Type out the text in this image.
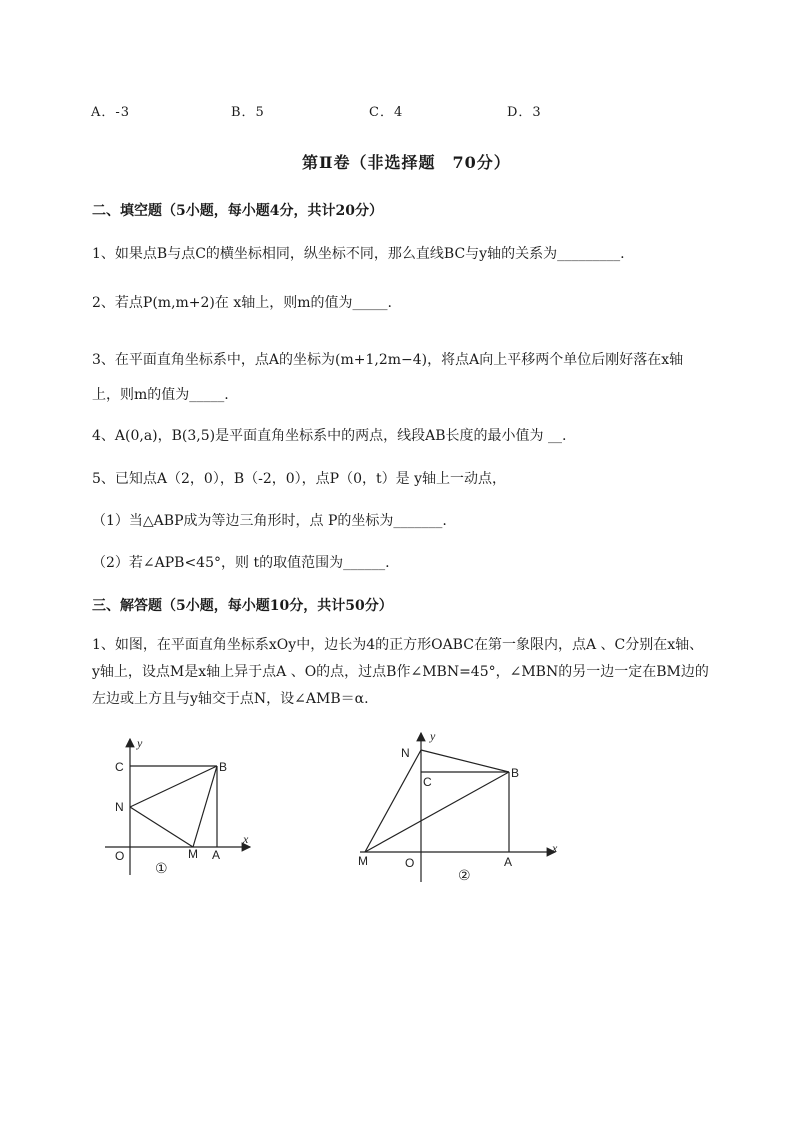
A．-3	B．5	C．4	D．3
第Ⅱ卷（非选择题　70分）
二、填空题（5小题，每小题4分，共计20分）
1、如果点B与点C的横坐标相同，纵坐标不同，那么直线BC与y轴的关系为_________.
2、若点P(m,m+2)在 x轴上，则m的值为_____.
3、在平面直角坐标系中，点A的坐标为(m+1,2m−4)，将点A向上平移两个单位后刚好落在x轴
上，则m的值为_____.
4、A(0,a)，B(3,5)是平面直角坐标系中的两点，线段AB长度的最小值为 __.
5、已知点A（2，0），B（-2，0），点P（0，t）是 y轴上一动点，
（1）当△ABP成为等边三角形时，点 P的坐标为_______.
（2）若∠APB<45°，则 t的取值范围为______.
三、解答题（5小题，每小题10分，共计50分）
1、如图，在平面直角坐标系xOy中，边长为4的正方形OABC在第一象限内，点A 、C分别在x轴、
y轴上，设点M是x轴上异于点A 、O的点，过点B作∠MBN=45°，∠MBN的另一边一定在BM边的
左边或上方且与y轴交于点N，设∠AMB＝α.
y
x
C	B
N
O	M A
①
y
x
N
C
B
M	O	A
②
